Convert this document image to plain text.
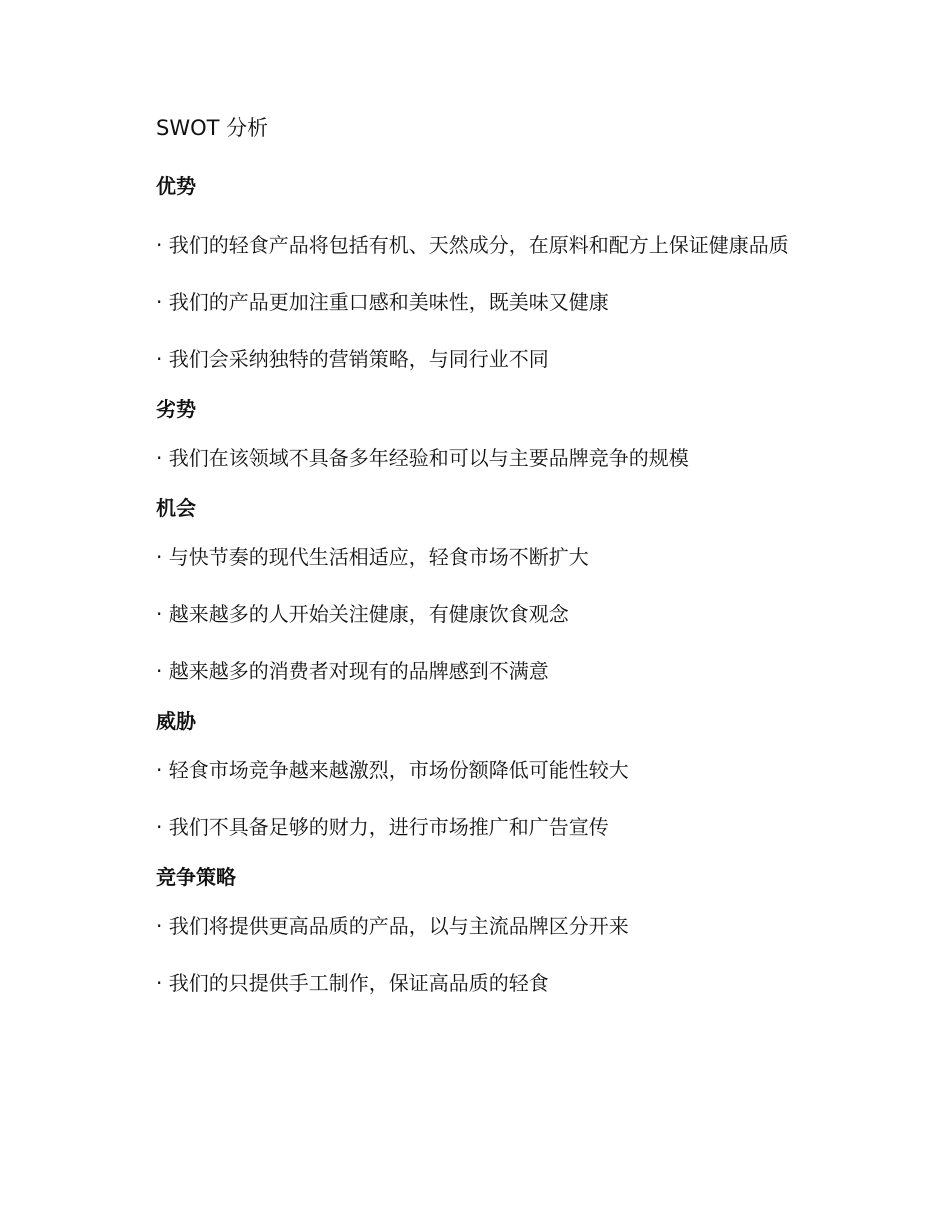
SWOT 分析
优势

· 我们的轻食产品将包括有机、天然成分，在原料和配方上保证健康品质

· 我们的产品更加注重口感和美味性，既美味又健康

· 我们会采纳独特的营销策略，与同行业不同

劣势

· 我们在该领域不具备多年经验和可以与主要品牌竞争的规模

机会

· 与快节奏的现代生活相适应，轻食市场不断扩大

· 越来越多的人开始关注健康，有健康饮食观念

· 越来越多的消费者对现有的品牌感到不满意

威胁

· 轻食市场竞争越来越激烈，市场份额降低可能性较大

· 我们不具备足够的财力，进行市场推广和广告宣传

竞争策略

· 我们将提供更高品质的产品，以与主流品牌区分开来

· 我们的只提供手工制作，保证高品质的轻食
